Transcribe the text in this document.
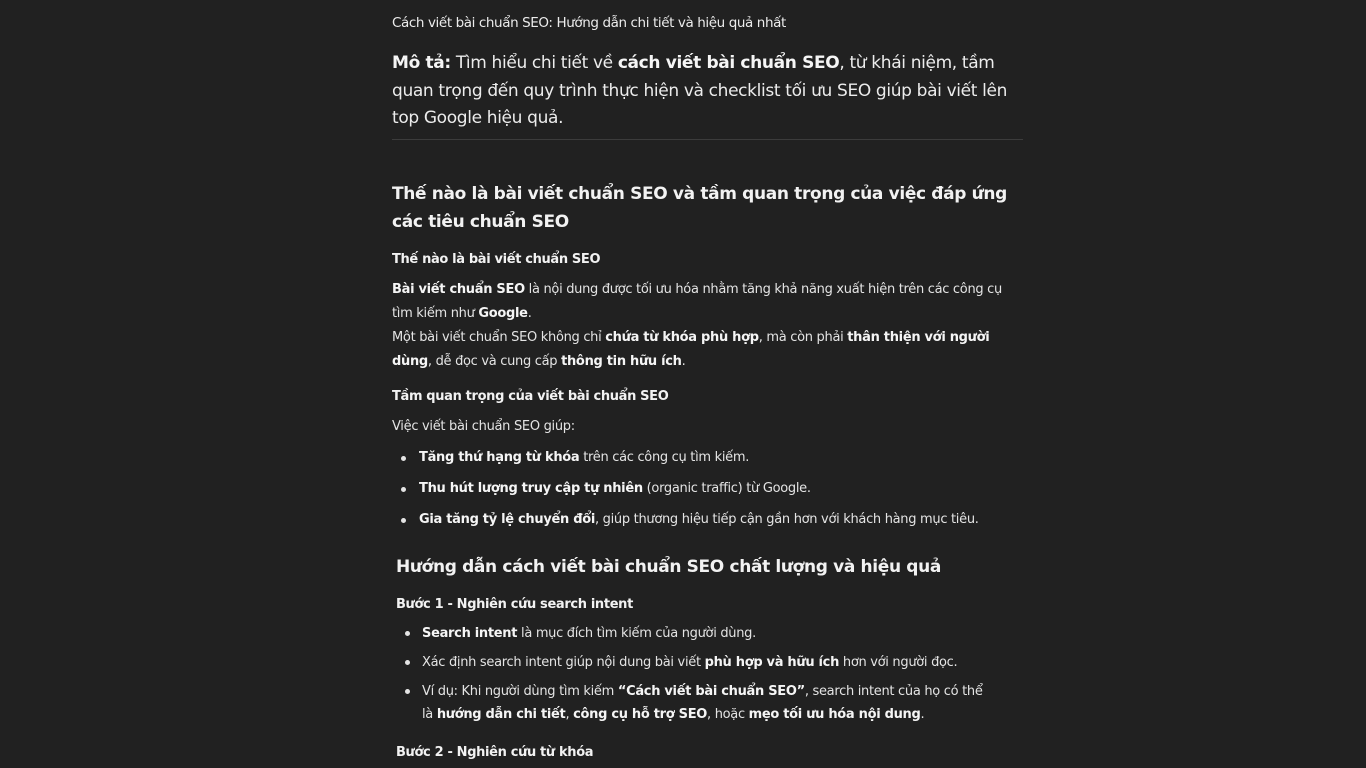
Cách viết bài chuẩn SEO: Hướng dẫn chi tiết và hiệu quả nhất
Mô tả: Tìm hiểu chi tiết về cách viết bài chuẩn SEO, từ khái niệm, tầm quan trọng đến quy trình thực hiện và checklist tối ưu SEO giúp bài viết lên top Google hiệu quả.
Thế nào là bài viết chuẩn SEO và tầm quan trọng của việc đáp ứng các tiêu chuẩn SEO
Thế nào là bài viết chuẩn SEO
Bài viết chuẩn SEO là nội dung được tối ưu hóa nhằm tăng khả năng xuất hiện trên các công cụ tìm kiếm như Google.
Một bài viết chuẩn SEO không chỉ chứa từ khóa phù hợp, mà còn phải thân thiện với người dùng, dễ đọc và cung cấp thông tin hữu ích.
Tầm quan trọng của viết bài chuẩn SEO
Việc viết bài chuẩn SEO giúp:
Tăng thứ hạng từ khóa trên các công cụ tìm kiếm.
Thu hút lượng truy cập tự nhiên (organic traffic) từ Google.
Gia tăng tỷ lệ chuyển đổi, giúp thương hiệu tiếp cận gần hơn với khách hàng mục tiêu.
Hướng dẫn cách viết bài chuẩn SEO chất lượng và hiệu quả
Bước 1 - Nghiên cứu search intent
Search intent là mục đích tìm kiếm của người dùng.
Xác định search intent giúp nội dung bài viết phù hợp và hữu ích hơn với người đọc.
Ví dụ: Khi người dùng tìm kiếm “Cách viết bài chuẩn SEO”, search intent của họ có thể là hướng dẫn chi tiết, công cụ hỗ trợ SEO, hoặc mẹo tối ưu hóa nội dung.
Bước 2 - Nghiên cứu từ khóa
